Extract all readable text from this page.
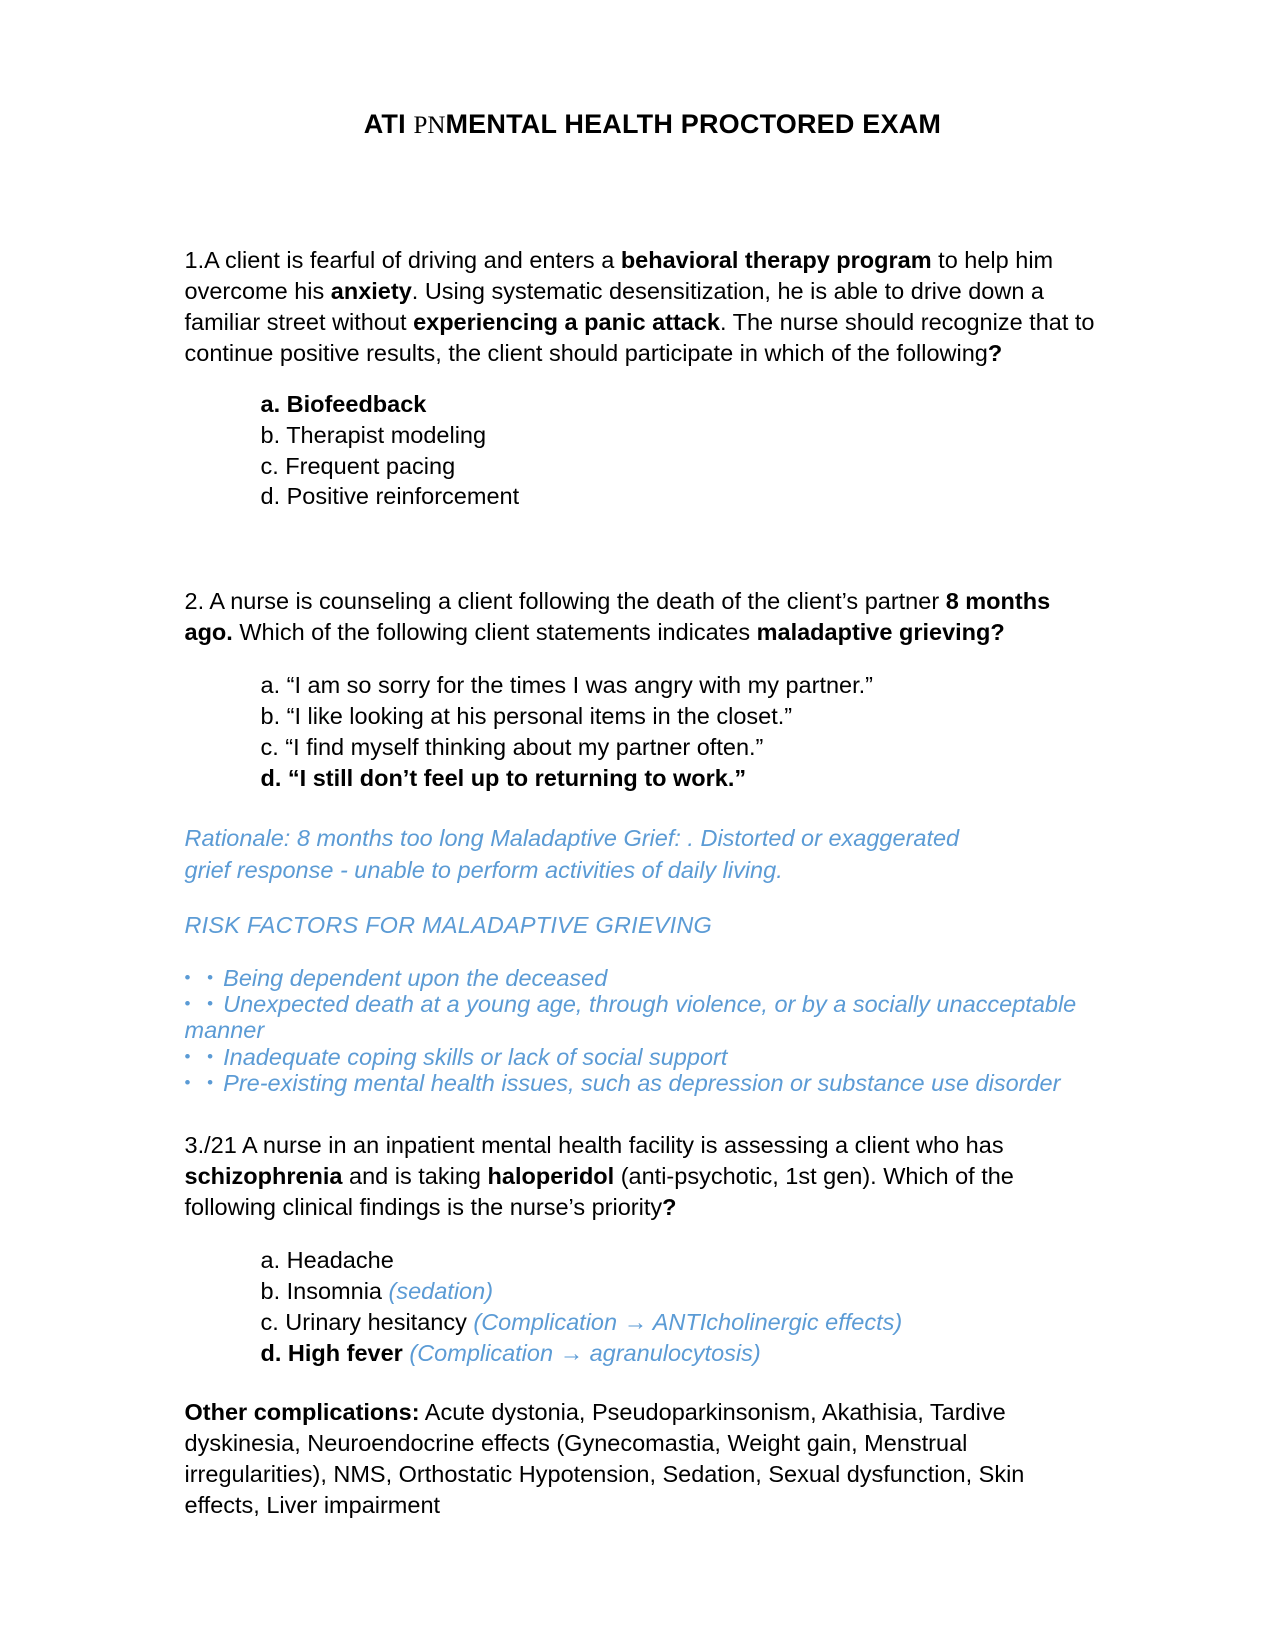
ATI PNMENTAL HEALTH PROCTORED EXAM

1.A client is fearful of driving and enters a behavioral therapy program to help him overcome his anxiety. Using systematic desensitization, he is able to drive down a familiar street without experiencing a panic attack. The nurse should recognize that to continue positive results, the client should participate in which of the following?

a. Biofeedback
b. Therapist modeling
c. Frequent pacing
d. Positive reinforcement

2. A nurse is counseling a client following the death of the client’s partner 8 months ago. Which of the following client statements indicates maladaptive grieving?

a. “I am so sorry for the times I was angry with my partner.”
b. “I like looking at his personal items in the closet.”
c. “I find myself thinking about my partner often.”
d. “I still don’t feel up to returning to work.”

Rationale: 8 months too long Maladaptive Grief: . Distorted or exaggerated

grief response - unable to perform activities of daily living.

RISK FACTORS FOR MALADAPTIVE GRIEVING

• • Being dependent upon the deceased
• • Unexpected death at a young age, through violence, or by a socially unacceptable manner
• • Inadequate coping skills or lack of social support
• • Pre-existing mental health issues, such as depression or substance use disorder

3./21 A nurse in an inpatient mental health facility is assessing a client who has schizophrenia and is taking haloperidol (anti-psychotic, 1st gen). Which of the following clinical findings is the nurse’s priority?

a. Headache
b. Insomnia (sedation)
c. Urinary hesitancy (Complication → ANTIcholinergic effects)
d. High fever (Complication → agranulocytosis)

Other complications: Acute dystonia, Pseudoparkinsonism, Akathisia, Tardive dyskinesia, Neuroendocrine effects (Gynecomastia, Weight gain, Menstrual irregularities), NMS, Orthostatic Hypotension, Sedation, Sexual dysfunction, Skin effects, Liver impairment
